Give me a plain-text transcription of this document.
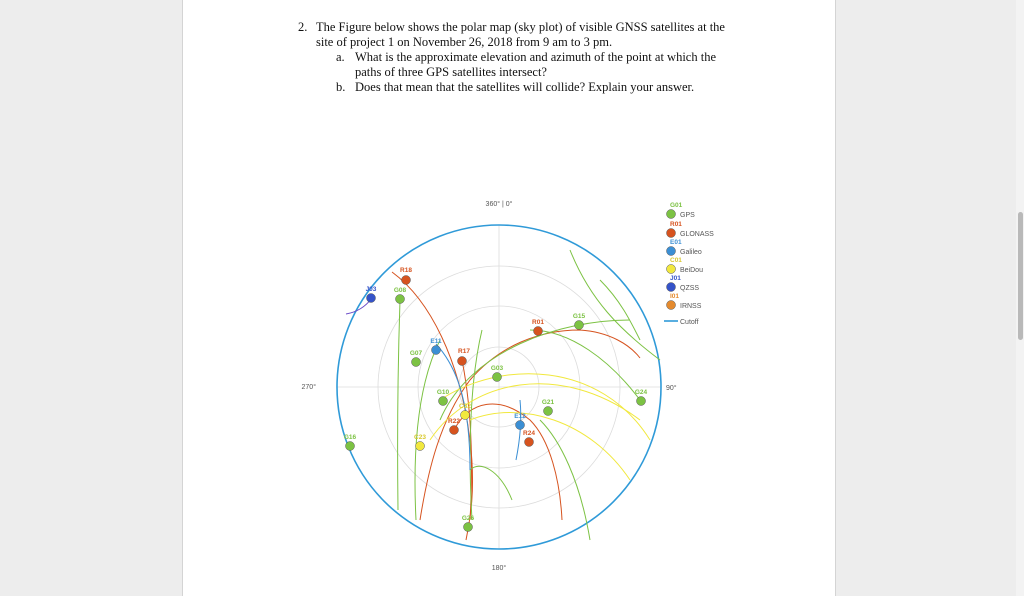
2. The Figure below shows the polar map (sky plot) of visible GNSS satellites at the
site of project 1 on November 26, 2018 from 9 am to 3 pm.
a. What is the approximate elevation and azimuth of the point at which the
paths of three GPS satellites intersect?
b. Does that mean that the satellites will collide? Explain your answer.
360° | 0°
90°
180°
270°
J03	G08
R18
E11
G07	R17
G03
R01
G15
G10
C32
R22
G21
E12
R24
G24
G16	C23
G26
G01
GPS
R01
GLONASS
E01
Galileo
C01
BeiDou
J01
QZSS
I01
IRNSS
Cutoff
